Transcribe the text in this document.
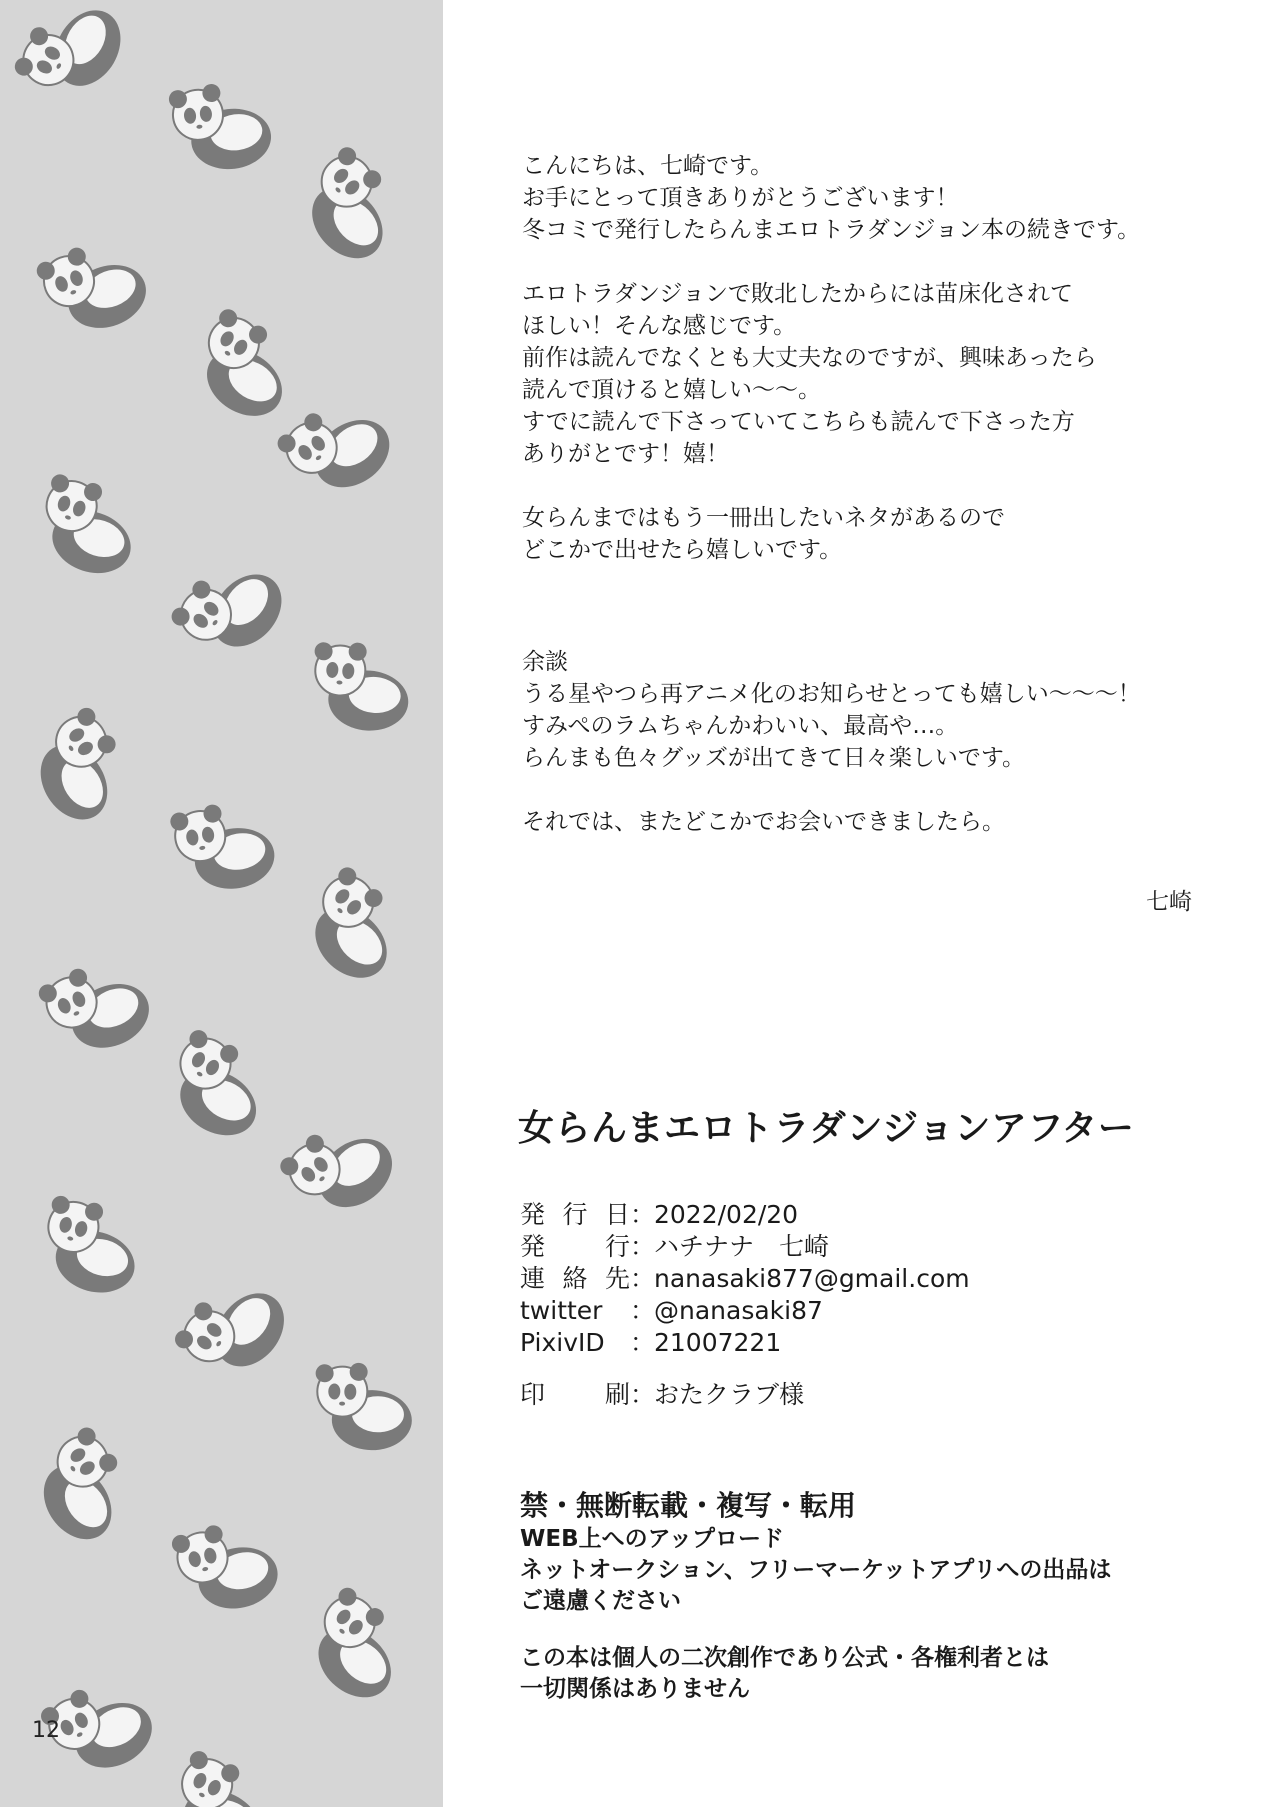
12

こんにちは、七崎です。

お手にとって頂きありがとうございます！

冬コミで発行したらんまエロトラダンジョン本の続きです。

エロトラダンジョンで敗北したからには苗床化されて

ほしい！そんな感じです。

前作は読んでなくとも大丈夫なのですが、興味あったら

読んで頂けると嬉しい〜〜。

すでに読んで下さっていてこちらも読んで下さった方

ありがとです！嬉！

女らんまではもう一冊出したいネタがあるので

どこかで出せたら嬉しいです。

余談

うる星やつら再アニメ化のお知らせとっても嬉しい〜〜〜！

すみぺのラムちゃんかわいい、最高や…。

らんまも色々グッズが出てきて日々楽しいです。

それでは、またどこかでお会いできましたら。

七崎
女らんまエロトラダンジョンアフター
発行日 ：
2022/02/20
発　行 ：
ハチナナ　七崎
連絡先 ：
nanasaki877@gmail.com
twitter	：
@nanasaki87
PixivID	：
21007221
印　刷 ：
おたクラブ様
禁・無断転載・複写・転用

WEB上へのアップロード

ネットオークション、フリーマーケットアプリへの出品は

ご遠慮ください

この本は個人の二次創作であり公式・各権利者とは

一切関係はありません
